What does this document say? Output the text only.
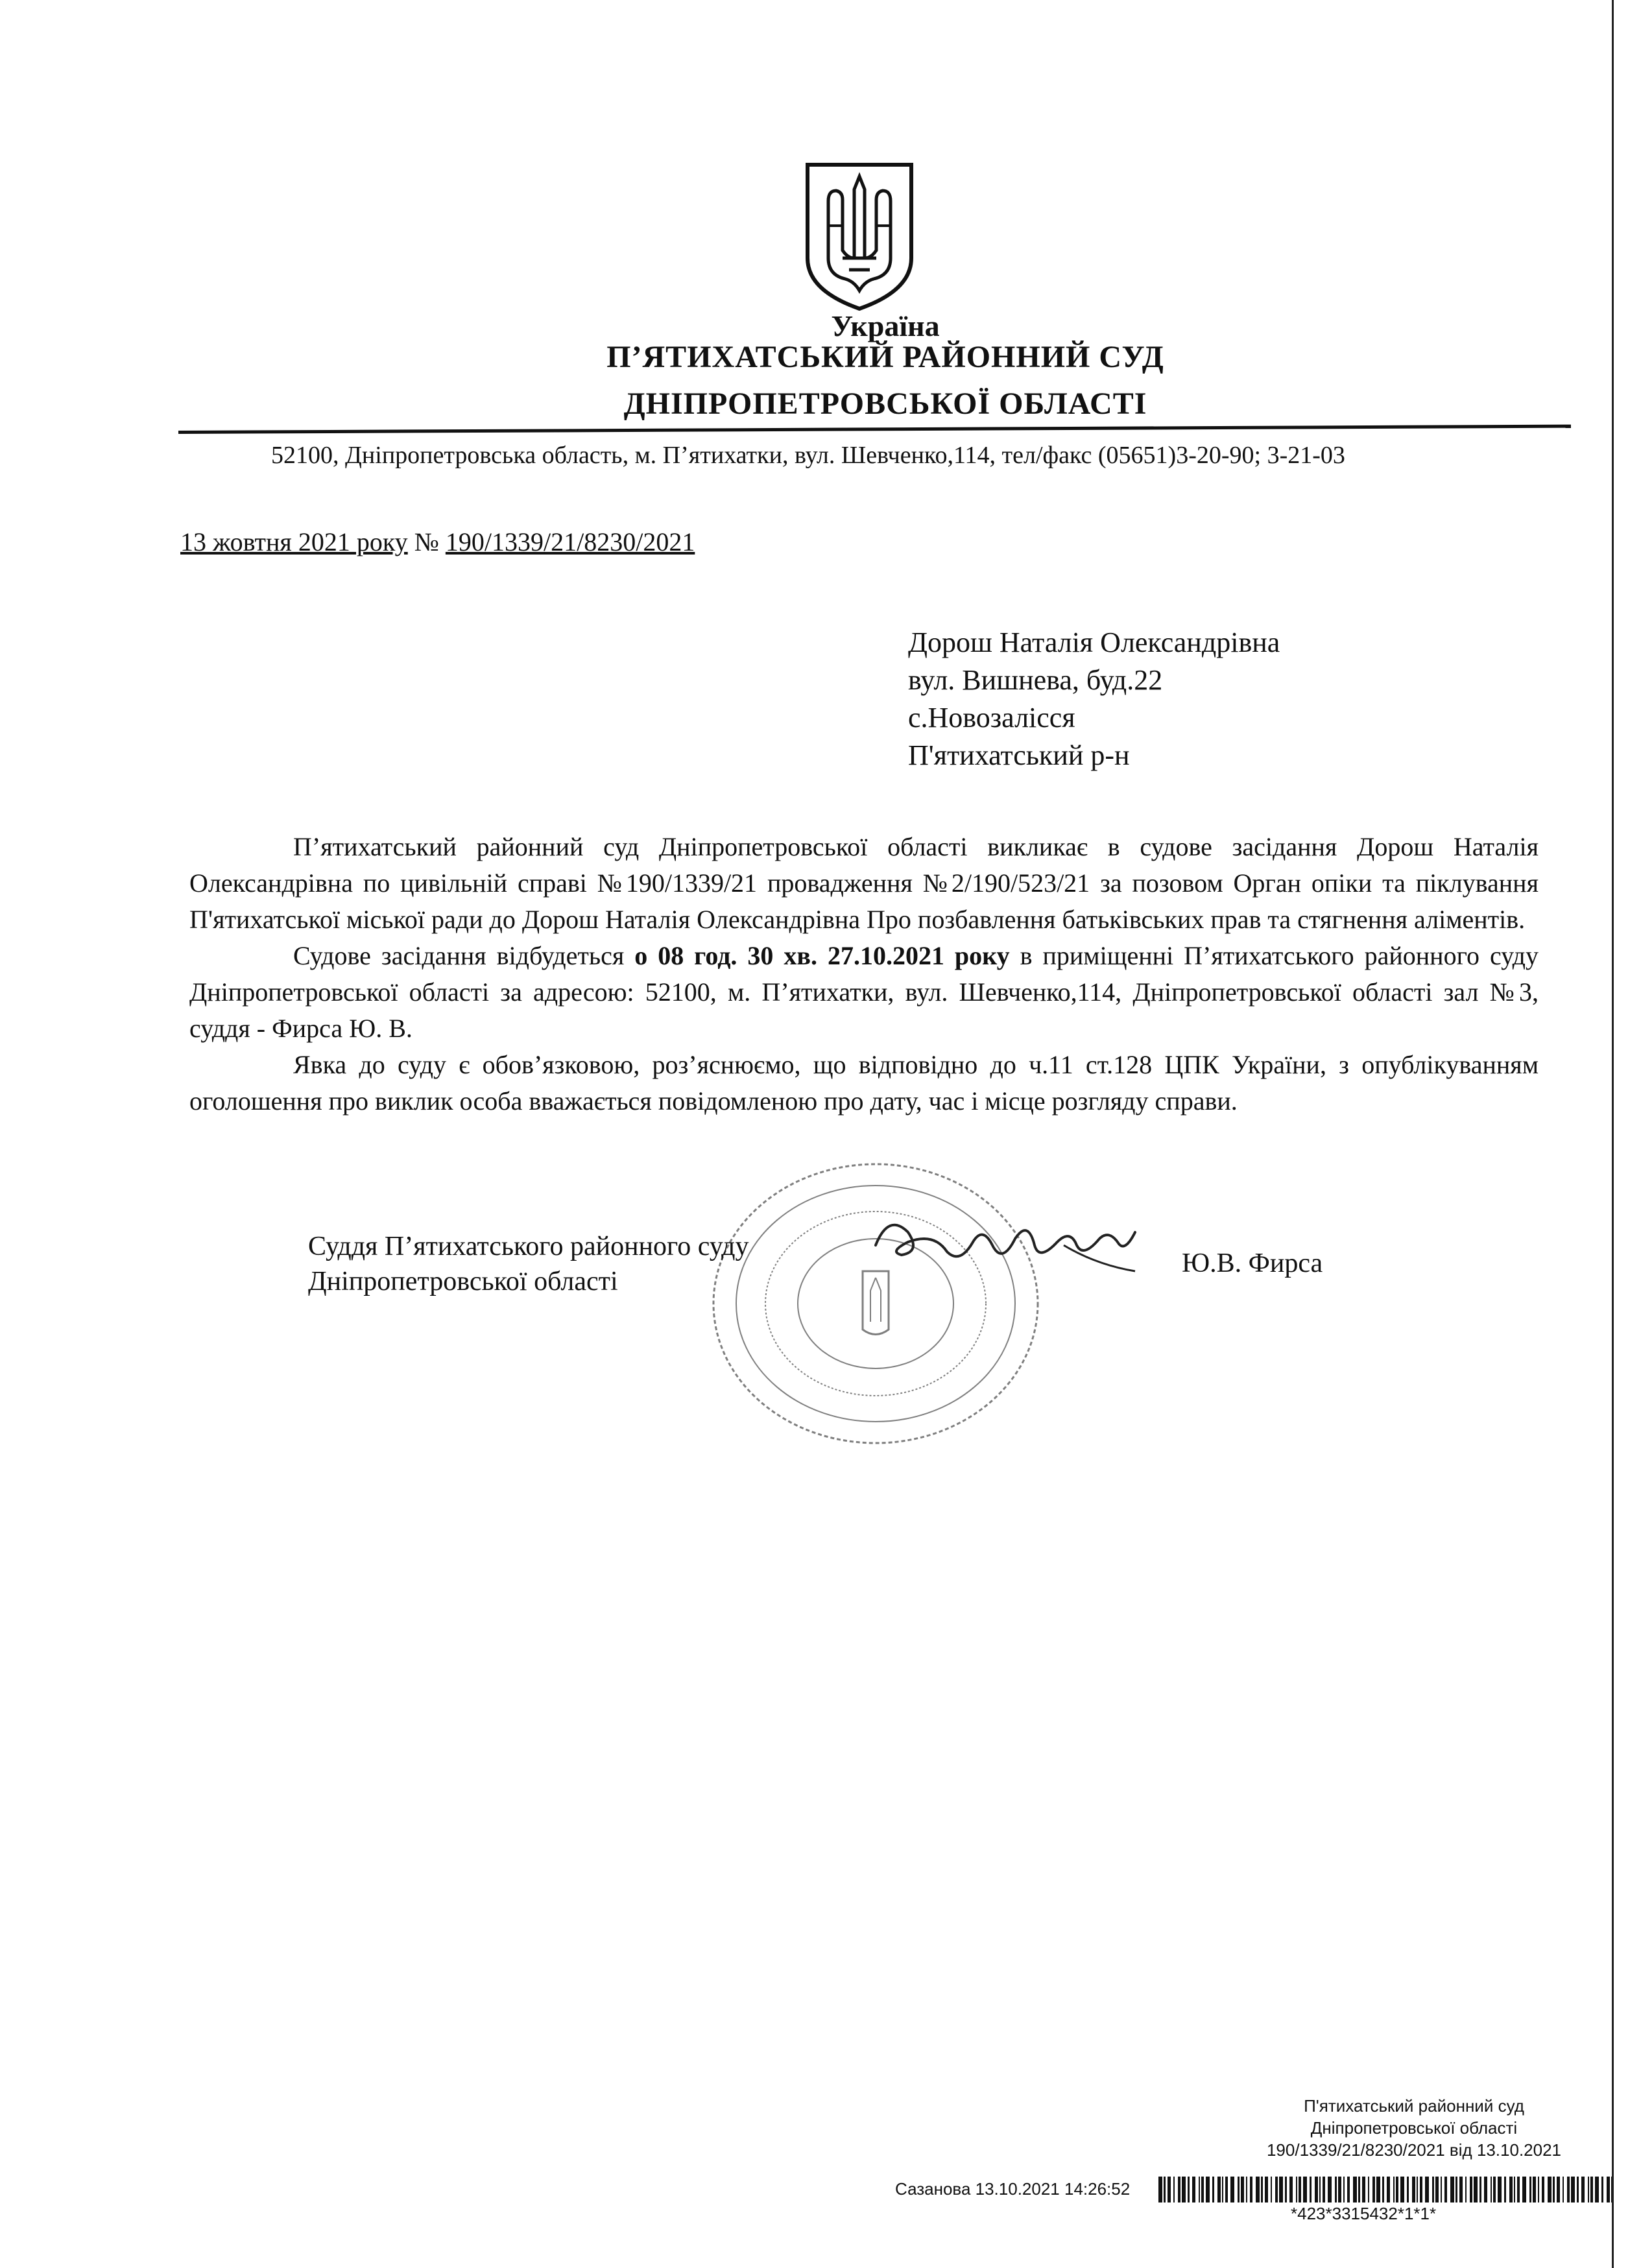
Україна
П’ЯТИХАТСЬКИЙ РАЙОННИЙ СУД
ДНІПРОПЕТРОВСЬКОЇ ОБЛАСТІ
52100, Дніпропетровська область, м. П’ятихатки, вул. Шевченко,114, тел/факс (05651)3-20-90; 3-21-03
13 жовтня 2021 року № 190/1339/21/8230/2021
Дорош Наталія Олександрівна
вул. Вишнева, буд.22
с.Новозалісся
П'ятихатський р-н

П’ятихатський районний суд Дніпропетровської області викликає в судове засідання Дорош Наталія Олександрівна по цивільній справі №190/1339/21 провадження №2/190/523/21 за позовом Орган опіки та піклування П'ятихатської міської ради до Дорош Наталія Олександрівна Про позбавлення батьківських прав та стягнення аліментів.

Судове засідання відбудеться о 08 год. 30 хв. 27.10.2021 року в приміщенні П’ятихатського районного суду Дніпропетровської області за адресою: 52100, м. П’ятихатки, вул. Шевченко,114, Дніпропетровської області зал №3, суддя - Фирса Ю. В.

Явка до суду є обов’язковою, роз’яснюємо, що відповідно до ч.11 ст.128 ЦПК України, з опублікуванням оголошення про виклик особа вважається повідомленою про дату, час і місце розгляду справи.

Суддя П’ятихатського районного суду
Дніпропетровської області
Ю.В. Фирса
П'ятихатський районний суд
Дніпропетровської області
190/1339/21/8230/2021 від 13.10.2021
Сазанова 13.10.2021 14:26:52
*423*3315432*1*1*
